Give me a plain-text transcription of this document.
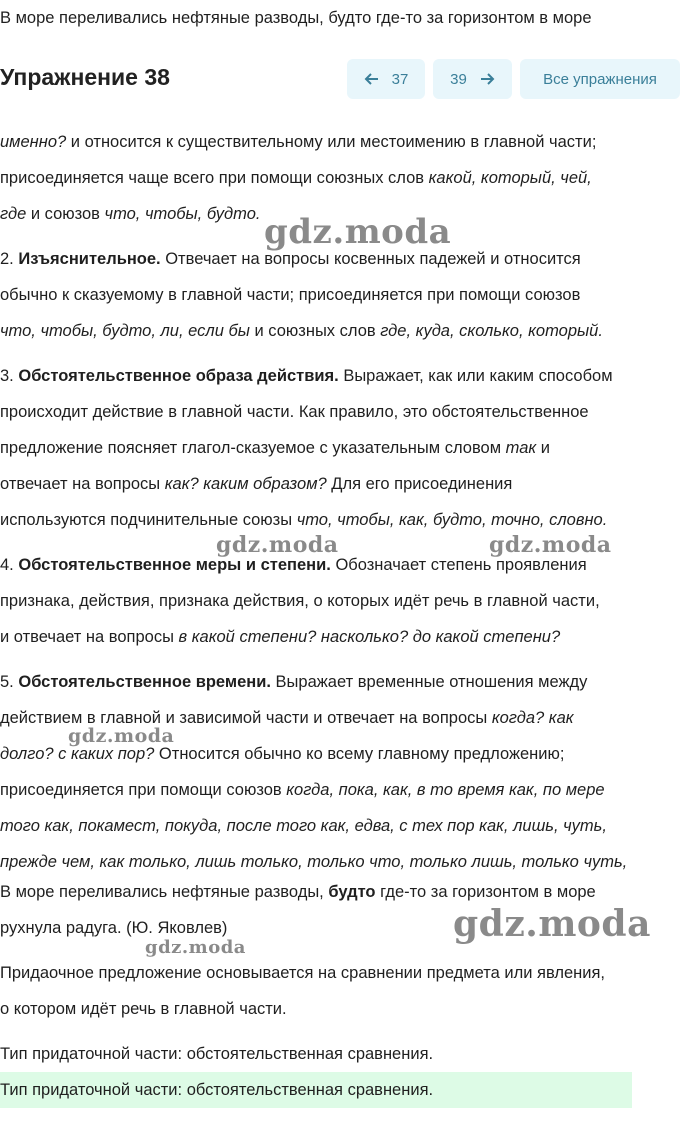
В море переливались нефтяные разводы, будто где-то за горизонтом в море
Упражнение 38	37	39	Все упражнения
именно? и относится к существительному или местоимению в главной части;
присоединяется чаще всего при помощи союзных слов какой, который, чей,
где и союзов что, чтобы, будто.
2. Изъяснительное. Отвечает на вопросы косвенных падежей и относится
обычно к сказуемому в главной части; присоединяется при помощи союзов
что, чтобы, будто, ли, если бы и союзных слов где, куда, сколько, который.
3. Обстоятельственное образа действия. Выражает, как или каким способом
происходит действие в главной части. Как правило, это обстоятельственное
предложение поясняет глагол-сказуемое с указательным словом так и
отвечает на вопросы как? каким образом? Для его присоединения
используются подчинительные союзы что, чтобы, как, будто, точно, словно.
4. Обстоятельственное меры и степени. Обозначает степень проявления
признака, действия, признака действия, о которых идёт речь в главной части,
и отвечает на вопросы в какой степени? насколько? до какой степени?
5. Обстоятельственное времени. Выражает временные отношения между
действием в главной и зависимой части и отвечает на вопросы когда? как
долго? с каких пор? Относится обычно ко всему главному предложению;
присоединяется при помощи союзов когда, пока, как, в то время как, по мере
того как, покамест, покуда, после того как, едва, с тех пор как, лишь, чуть,
прежде чем, как только, лишь только, только что, только лишь, только чуть,
В море переливались нефтяные разводы, будто где-то за горизонтом в море
рухнула радуга. (Ю. Яковлев)
Придаочное предложение основывается на сравнении предмета или явления,
о котором идёт речь в главной части.
Тип придаточной части: обстоятельственная сравнения.
Тип придаточной части: обстоятельственная сравнения.
gdz.moda
gdz.moda	gdz.moda
gdz.moda
gdz.moda
gdz.moda
